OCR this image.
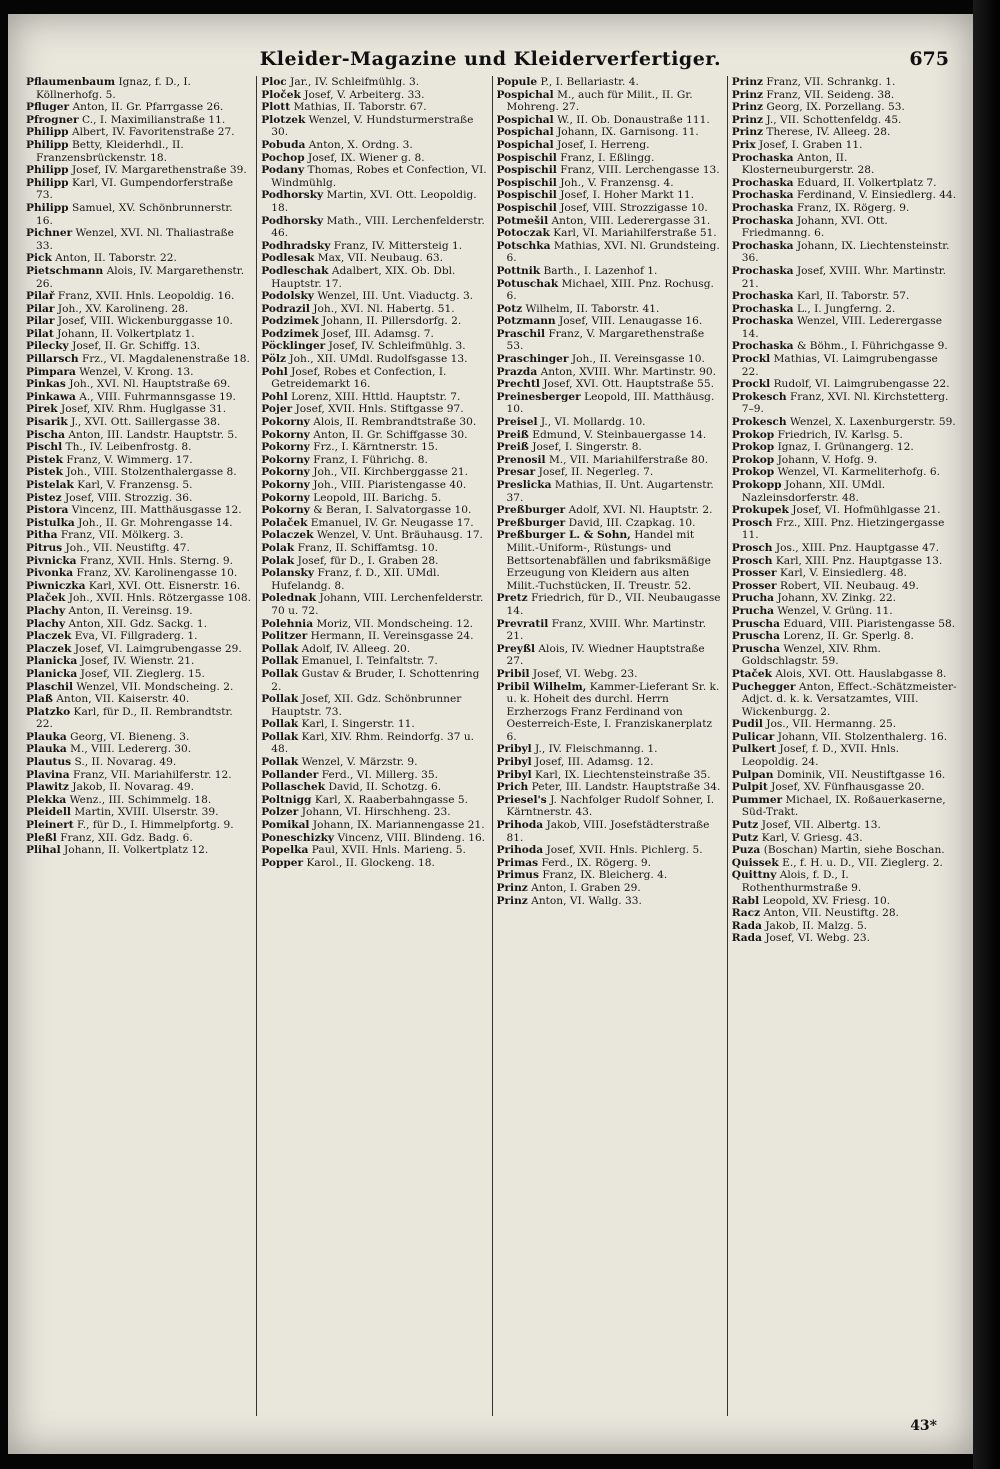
Kleider-Magazine und Kleiderverfertiger.	675

Pflaumenbaum Ignaz, f. D., I. Köllnerhofg. 5.

Pfluger Anton, II. Gr. Pfarrgasse 26.

Pfrogner C., I. Maximilianstraße 11.

Philipp Albert, IV. Favoritenstraße 27.

Philipp Betty, Kleiderhdl., II. Franzensbrückenstr. 18.

Philipp Josef, IV. Margarethenstraße 39.

Philipp Karl, VI. Gumpendorferstraße 73.

Philipp Samuel, XV. Schönbrunnerstr. 16.

Pichner Wenzel, XVI. Nl. Thaliastraße 33.

Pick Anton, II. Taborstr. 22.

Pietschmann Alois, IV. Margarethenstr. 26.

Pilař Franz, XVII. Hnls. Leopoldig. 16.

Pilar Joh., XV. Karolineng. 28.

Pilar Josef, VIII. Wickenburggasse 10.

Pilat Johann, II. Volkertplatz 1.

Pilecky Josef, II. Gr. Schiffg. 13.

Pillarsch Frz., VI. Magdalenenstraße 18.

Pimpara Wenzel, V. Krong. 13.

Pinkas Joh., XVI. Nl. Hauptstraße 69.

Pinkawa A., VIII. Fuhrmannsgasse 19.

Pirek Josef, XIV. Rhm. Huglgasse 31.

Pisarik J., XVI. Ott. Saillergasse 38.

Pischa Anton, III. Landstr. Hauptstr. 5.

Pischl Th., IV. Leibenfrostg. 8.

Pistek Franz, V. Wimmerg. 17.

Pistek Joh., VIII. Stolzenthalergasse 8.

Pistelak Karl, V. Franzensg. 5.

Pistez Josef, VIII. Strozzig. 36.

Pistora Vincenz, III. Matthäusgasse 12.

Pistulka Joh., II. Gr. Mohrengasse 14.

Pitha Franz, VII. Mölkerg. 3.

Pitrus Joh., VII. Neustiftg. 47.

Pivnicka Franz, XVII. Hnls. Sterng. 9.

Pivonka Franz, XV. Karolinengasse 10.

Piwniczka Karl, XVI. Ott. Eisnerstr. 16.

Plaček Joh., XVII. Hnls. Rötzergasse 108.

Plachy Anton, II. Vereinsg. 19.

Plachy Anton, XII. Gdz. Sackg. 1.

Placzek Eva, VI. Fillgraderg. 1.

Placzek Josef, VI. Laimgrubengasse 29.

Planicka Josef, IV. Wienstr. 21.

Planicka Josef, VII. Zieglerg. 15.

Plaschil Wenzel, VII. Mondscheing. 2.

Plaß Anton, VII. Kaiserstr. 40.

Platzko Karl, für D., II. Rembrandtstr. 22.

Plauka Georg, VI. Bieneng. 3.

Plauka M., VIII. Ledererg. 30.

Plautus S., II. Novarag. 49.

Plavina Franz, VII. Mariahilferstr. 12.

Plawitz Jakob, II. Novarag. 49.

Plekka Wenz., III. Schimmelg. 18.

Pleidell Martin, XVIII. Ulserstr. 39.

Pleinert F., für D., I. Himmelpfortg. 9.

Pleßl Franz, XII. Gdz. Badg. 6.

Plihal Johann, II. Volkertplatz 12.

Ploc Jar., IV. Schleifmühlg. 3.

Ploček Josef, V. Arbeiterg. 33.

Plott Mathias, II. Taborstr. 67.

Plotzek Wenzel, V. Hundsturmerstraße 30.

Pobuda Anton, X. Ordng. 3.

Pochop Josef, IX. Wiener g. 8.

Podany Thomas, Robes et Confection, VI. Windmühlg.

Podhorsky Martin, XVI. Ott. Leopoldig. 18.

Podhorsky Math., VIII. Lerchenfelderstr. 46.

Podhradsky Franz, IV. Mittersteig 1.

Podlesak Max, VII. Neubaug. 63.

Podleschak Adalbert, XIX. Ob. Dbl. Hauptstr. 17.

Podolsky Wenzel, III. Unt. Viaductg. 3.

Podrazil Joh., XVI. Nl. Habertg. 51.

Podzimek Johann, II. Pillersdorfg. 2.

Podzimek Josef, III. Adamsg. 7.

Pöcklinger Josef, IV. Schleifmühlg. 3.

Pölz Joh., XII. UMdl. Rudolfsgasse 13.

Pohl Josef, Robes et Confection, I. Getreidemarkt 16.

Pohl Lorenz, XIII. Httld. Hauptstr. 7.

Pojer Josef, XVII. Hnls. Stiftgasse 97.

Pokorny Alois, II. Rembrandtstraße 30.

Pokorny Anton, II. Gr. Schiffgasse 30.

Pokorny Frz., I. Kärntnerstr. 15.

Pokorny Franz, I. Führichg. 8.

Pokorny Joh., VII. Kirchberggasse 21.

Pokorny Joh., VIII. Piaristengasse 40.

Pokorny Leopold, III. Barichg. 5.

Pokorny & Beran, I. Salvatorgasse 10.

Polaček Emanuel, IV. Gr. Neugasse 17.

Polaczek Wenzel, V. Unt. Bräuhausg. 17.

Polak Franz, II. Schiffamtsg. 10.

Polak Josef, für D., I. Graben 28.

Polansky Franz, f. D., XII. UMdl. Hufelandg. 8.

Polednak Johann, VIII. Lerchenfelderstr. 70 u. 72.

Polehnia Moriz, VII. Mondscheing. 12.

Politzer Hermann, II. Vereinsgasse 24.

Pollak Adolf, IV. Alleeg. 20.

Pollak Emanuel, I. Teinfaltstr. 7.

Pollak Gustav & Bruder, I. Schottenring 2.

Pollak Josef, XII. Gdz. Schönbrunner Hauptstr. 73.

Pollak Karl, I. Singerstr. 11.

Pollak Karl, XIV. Rhm. Reindorfg. 37 u. 48.

Pollak Wenzel, V. Märzstr. 9.

Pollander Ferd., VI. Millerg. 35.

Pollaschek David, II. Schotzg. 6.

Poltnigg Karl, X. Raaberbahngasse 5.

Polzer Johann, VI. Hirschheng. 23.

Pomikal Johann, IX. Mariannengasse 21.

Poneschizky Vincenz, VIII. Blindeng. 16.

Popelka Paul, XVII. Hnls. Marieng. 5.

Popper Karol., II. Glockeng. 18.

Popule P., I. Bellariastr. 4.

Pospichal M., auch für Milit., II. Gr. Mohreng. 27.

Pospichal W., II. Ob. Donaustraße 111.

Pospichal Johann, IX. Garnisong. 11.

Pospichal Josef, I. Herreng.

Pospischil Franz, I. Eßlingg.

Pospischil Franz, VIII. Lerchengasse 13.

Pospischil Joh., V. Franzensg. 4.

Pospischil Josef, I. Hoher Markt 11.

Pospischil Josef, VIII. Strozzigasse 10.

Potmešil Anton, VIII. Lederergasse 31.

Potoczak Karl, VI. Mariahilferstraße 51.

Potschka Mathias, XVI. Nl. Grundsteing. 6.

Pottnik Barth., I. Lazenhof 1.

Potuschak Michael, XIII. Pnz. Rochusg. 6.

Potz Wilhelm, II. Taborstr. 41.

Potzmann Josef, VIII. Lenaugasse 16.

Praschil Franz, V. Margarethenstraße 53.

Praschinger Joh., II. Vereinsgasse 10.

Prazda Anton, XVIII. Whr. Martinstr. 90.

Prechtl Josef, XVI. Ott. Hauptstraße 55.

Preinesberger Leopold, III. Matthäusg. 10.

Preisel J., VI. Mollardg. 10.

Preiß Edmund, V. Steinbauergasse 14.

Preiß Josef, I. Singerstr. 8.

Prenosil M., VII. Mariahilferstraße 80.

Presar Josef, II. Negerleg. 7.

Preslicka Mathias, II. Unt. Augartenstr. 37.

Preßburger Adolf, XVI. Nl. Hauptstr. 2.

Preßburger David, III. Czapkag. 10.

Preßburger L. & Sohn, Handel mit Milit.-Uniform-, Rüstungs- und Bettsortenabfällen und fabriksmäßige Erzeugung von Kleidern aus alten Milit.-Tuchstücken, II. Treustr. 52.

Pretz Friedrich, für D., VII. Neubaugasse 14.

Prevratil Franz, XVIII. Whr. Martinstr. 21.

Preyßl Alois, IV. Wiedner Hauptstraße 27.

Pribil Josef, VI. Webg. 23.

Pribil Wilhelm, Kammer-Lieferant Sr. k. u. k. Hoheit des durchl. Herrn Erzherzogs Franz Ferdinand von Oesterreich-Este, I. Franziskanerplatz 6.

Pribyl J., IV. Fleischmanng. 1.

Pribyl Josef, III. Adamsg. 12.

Pribyl Karl, IX. Liechtensteinstraße 35.

Prich Peter, III. Landstr. Hauptstraße 34.

Priesel's J. Nachfolger Rudolf Sohner, I. Kärntnerstr. 43.

Prihoda Jakob, VIII. Josefstädterstraße 81.

Prihoda Josef, XVII. Hnls. Pichlerg. 5.

Primas Ferd., IX. Rögerg. 9.

Primus Franz, IX. Bleicherg. 4.

Prinz Anton, I. Graben 29.

Prinz Anton, VI. Wallg. 33.

Prinz Franz, VII. Schrankg. 1.

Prinz Franz, VII. Seideng. 38.

Prinz Georg, IX. Porzellang. 53.

Prinz J., VII. Schottenfeldg. 45.

Prinz Therese, IV. Alleeg. 28.

Prix Josef, I. Graben 11.

Prochaska Anton, II. Klosterneuburgerstr. 28.

Prochaska Eduard, II. Volkertplatz 7.

Prochaska Ferdinand, V. Einsiedlerg. 44.

Prochaska Franz, IX. Rögerg. 9.

Prochaska Johann, XVI. Ott. Friedmanng. 6.

Prochaska Johann, IX. Liechtensteinstr. 36.

Prochaska Josef, XVIII. Whr. Martinstr. 21.

Prochaska Karl, II. Taborstr. 57.

Prochaska L., I. Jungferng. 2.

Prochaska Wenzel, VIII. Lederergasse 14.

Prochaska & Böhm., I. Führichgasse 9.

Prockl Mathias, VI. Laimgrubengasse 22.

Prockl Rudolf, VI. Laimgrubengasse 22.

Prokesch Franz, XVI. Nl. Kirchstetterg. 7–9.

Prokesch Wenzel, X. Laxenburgerstr. 59.

Prokop Friedrich, IV. Karlsg. 5.

Prokop Ignaz, I. Grünangerg. 12.

Prokop Johann, V. Hofg. 9.

Prokop Wenzel, VI. Karmeliterhofg. 6.

Prokopp Johann, XII. UMdl. Nazleinsdorferstr. 48.

Prokupek Josef, VI. Hofmühlgasse 21.

Prosch Frz., XIII. Pnz. Hietzingergasse 11.

Prosch Jos., XIII. Pnz. Hauptgasse 47.

Prosch Karl, XIII. Pnz. Hauptgasse 13.

Prosser Karl, V. Einsiedlerg. 48.

Prosser Robert, VII. Neubaug. 49.

Prucha Johann, XV. Zinkg. 22.

Prucha Wenzel, V. Grüng. 11.

Pruscha Eduard, VIII. Piaristengasse 58.

Pruscha Lorenz, II. Gr. Sperlg. 8.

Pruscha Wenzel, XIV. Rhm. Goldschlagstr. 59.

Ptaček Alois, XVI. Ott. Hauslabgasse 8.

Puchegger Anton, Effect.-Schätzmeister-Adjct. d. k. k. Versatzamtes, VIII. Wickenburgg. 2.

Pudil Jos., VII. Hermanng. 25.

Pulicar Johann, VII. Stolzenthalerg. 16.

Pulkert Josef, f. D., XVII. Hnls. Leopoldig. 24.

Pulpan Dominik, VII. Neustiftgasse 16.

Pulpit Josef, XV. Fünfhausgasse 20.

Pummer Michael, IX. Roßauerkaserne, Süd-Trakt.

Putz Josef, VII. Albertg. 13.

Putz Karl, V. Griesg. 43.

Puza (Boschan) Martin, siehe Boschan.

Quissek E., f. H. u. D., VII. Zieglerg. 2.

Quittny Alois, f. D., I. Rothenthurmstraße 9.

Rabl Leopold, XV. Friesg. 10.

Racz Anton, VII. Neustiftg. 28.

Rada Jakob, II. Malzg. 5.

Rada Josef, VI. Webg. 23.

43*
